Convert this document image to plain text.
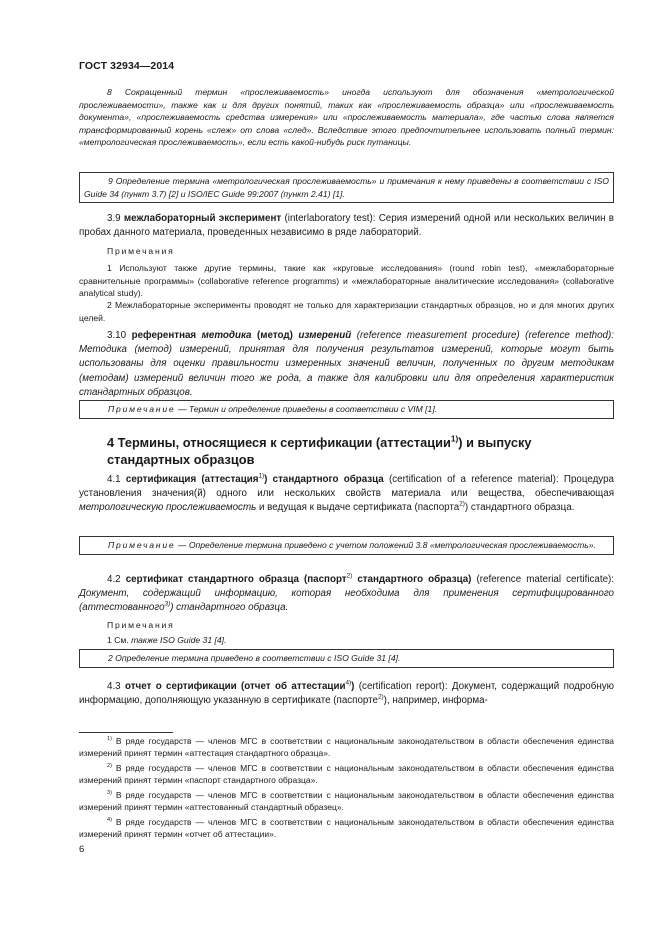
ГОСТ 32934—2014
8 Сокращенный термин «прослеживаемость» иногда используют для обозначения «метрологической прослеживаемости», также как и для других понятий, таких как «прослеживаемость образца» или «прослеживаемость документа», «прослеживаемость средства измерения» или «прослеживаемость материала», где частью слова является трансформированный корень «слеж» от слова «след». Вследствие этого предпочтительнее использовать полный термин: «метрологическая прослеживаемость», если есть какой-нибудь риск путаницы.
9 Определение термина «метрологическая прослеживаемость» и примечания к нему приведены в соответствии с ISO Guide 34 (пункт 3.7) [2] и ISO/IEC Guide 99:2007 (пункт 2.41) [1].
3.9 межлабораторный эксперимент (interlaboratory test): Серия измерений одной или нескольких величин в пробах данного материала, проведенных независимо в ряде лабораторий.
Примечания
1 Используют также другие термины, такие как «круговые исследования» (round robin test), «межлабораторные сравнительные программы» (collaborative reference programms) и «межлабораторные аналитические исследования» (collaborative analytical study).
2 Межлабораторные эксперименты проводят не только для характеризации стандартных образцов, но и для многих других целей.
3.10 референтная методика (метод) измерений (reference measurement procedure) (reference method): Методика (метод) измерений, принятая для получения результатов измерений, которые могут быть использованы для оценки правильности измеренных значений величин, полученных по другим методикам (методам) измерений величин того же рода, а также для калибровки или для определения характеристик стандартных образцов.
Примечание — Термин и определение приведены в соответствии с VIM [1].
4 Термины, относящиеся к сертификации (аттестации$^{1)}$) и выпуску
стандартных образцов
4.1 сертификация (аттестация$^{1)}$) стандартного образца (certification of a reference material): Процедура установления значения(й) одного или нескольких свойств материала или вещества, обеспечивающая метрологическую прослеживаемость и ведущая к выдаче сертификата (паспорта$^{2)}$) стандартного образца.
Примечание — Определение термина приведено с учетом положений 3.8 «метрологическая прослеживаемость».
4.2 сертификат стандартного образца (паспорт$^{2)}$ стандартного образца) (reference material certificate): Документ, содержащий информацию, которая необходима для применения сертифицированного (аттестованного$^{3)}$) стандартного образца.
Примечания
1 См. также ISO Guide 31 [4].
2 Определение термина приведено в соответствии с ISO Guide 31 [4].
4.3 отчет о сертификации (отчет об аттестации$^{4)}$) (certification report): Документ, содержащий подробную информацию, дополняющую указанную в сертификате (паспорте$^{2)}$), например, информа-
$^{1)}$ В ряде государств — членов МГС в соответствии с национальным законодательством в области обеспечения единства измерений принят термин «аттестация стандартного образца».
$^{2)}$ В ряде государств — членов МГС в соответствии с национальным законодательством в области обеспечения единства измерений принят термин «паспорт стандартного образца».
$^{3)}$ В ряде государств — членов МГС в соответствии с национальным законодательством в области обеспечения единства измерений принят термин «аттестованный стандартный образец».
$^{4)}$ В ряде государств — членов МГС в соответствии с национальным законодательством в области обеспечения единства измерений принят термин «отчет об аттестации».
6
